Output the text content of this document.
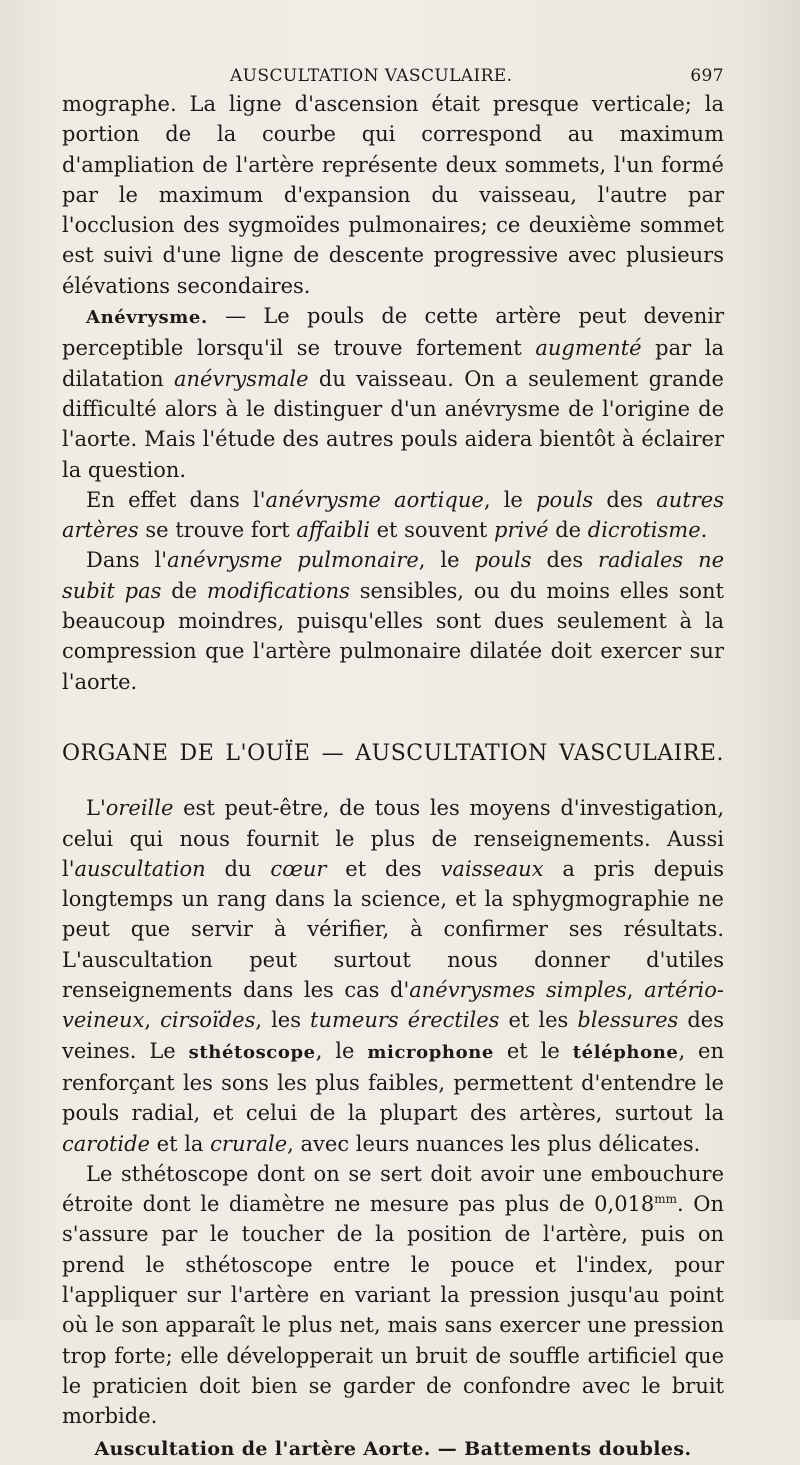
AUSCULTATION VASCULAIRE.	697

mographe. La ligne d'ascension était presque verticale; la portion de la courbe qui correspond au maximum d'ampliation de l'artère représente deux sommets, l'un formé par le maximum d'expansion du vaisseau, l'autre par l'occlusion des sygmoïdes pulmonaires; ce deuxième sommet est suivi d'une ligne de descente progressive avec plusieurs élévations secondaires.

Anévrysme. — Le pouls de cette artère peut devenir perceptible lorsqu'il se trouve fortement augmenté par la dilatation anévrysmale du vaisseau. On a seulement grande difficulté alors à le distinguer d'un anévrysme de l'origine de l'aorte. Mais l'étude des autres pouls aidera bientôt à éclairer la question.

En effet dans l'anévrysme aortique, le pouls des autres artères se trouve fort affaibli et souvent privé de dicrotisme.

Dans l'anévrysme pulmonaire, le pouls des radiales ne subit pas de modifications sensibles, ou du moins elles sont beaucoup moindres, puisqu'elles sont dues seulement à la compression que l'artère pulmonaire dilatée doit exercer sur l'aorte.

ORGANE DE L'OUÏE — AUSCULTATION VASCULAIRE.

L'oreille est peut-être, de tous les moyens d'investigation, celui qui nous fournit le plus de renseignements. Aussi l'auscultation du cœur et des vaisseaux a pris depuis longtemps un rang dans la science, et la sphygmographie ne peut que servir à vérifier, à confirmer ses résultats. L'auscultation peut surtout nous donner d'utiles renseignements dans les cas d'anévrysmes simples, artério-veineux, cirsoïdes, les tumeurs érectiles et les blessures des veines. Le sthétoscope, le microphone et le téléphone, en renforçant les sons les plus faibles, permettent d'entendre le pouls radial, et celui de la plupart des artères, surtout la carotide et la crurale, avec leurs nuances les plus délicates.

Le sthétoscope dont on se sert doit avoir une embouchure étroite dont le diamètre ne mesure pas plus de $0,018^{mm}$. On s'assure par le toucher de la position de l'artère, puis on prend le sthétoscope entre le pouce et l'index, pour l'appliquer sur l'artère en variant la pression jusqu'au point où le son apparaît le plus net, mais sans exercer une pression trop forte; elle développerait un bruit de souffle artificiel que le praticien doit bien se garder de confondre avec le bruit morbide.

Auscultation de l'artère Aorte. — Battements doubles.
